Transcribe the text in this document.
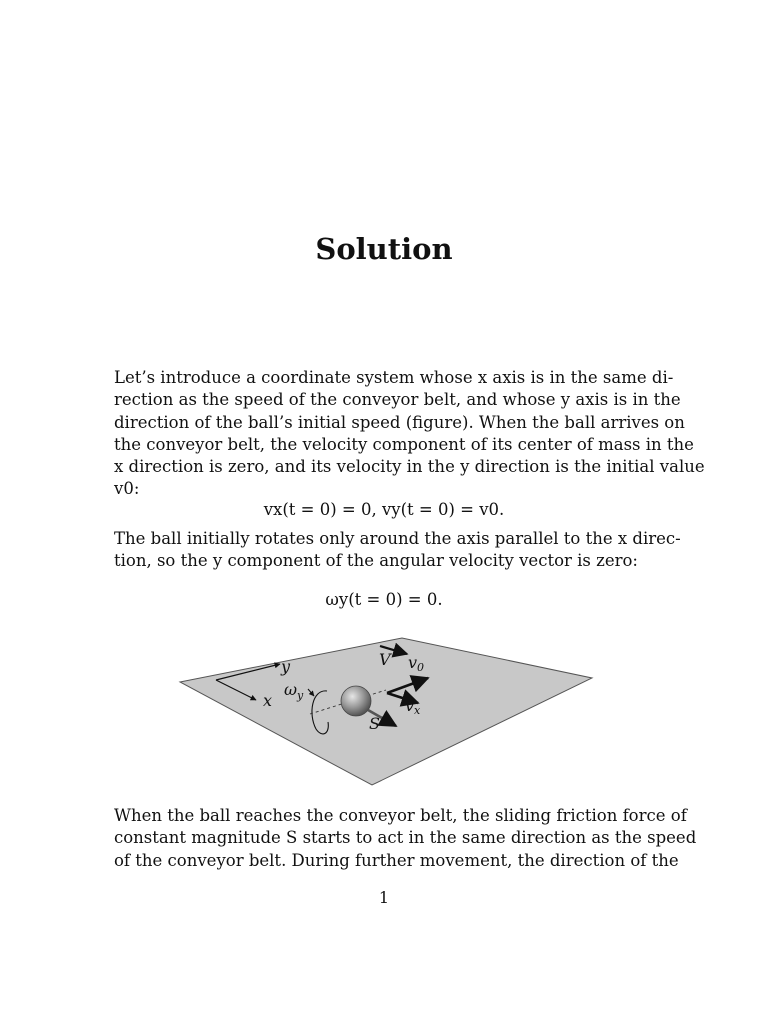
Solution
Let’s introduce a coordinate system whose x axis is in the same di-
rection as the speed of the conveyor belt, and whose y axis is in the
direction of the ball’s initial speed (figure). When the ball arrives on
the conveyor belt, the velocity component of its center of mass in the
x direction is zero, and its velocity in the y direction is the initial value
v0:

vx(t = 0) = 0, vy(t = 0) = v0.

The ball initially rotates only around the axis parallel to the x direc-
tion, so the y component of the angular velocity vector is zero:

ωy(t = 0) = 0.

y
x
$\omega_y$
S
V v0
vx
When the ball reaches the conveyor belt, the sliding friction force of
constant magnitude S starts to act in the same direction as the speed
of the conveyor belt. During further movement, the direction of the
1
